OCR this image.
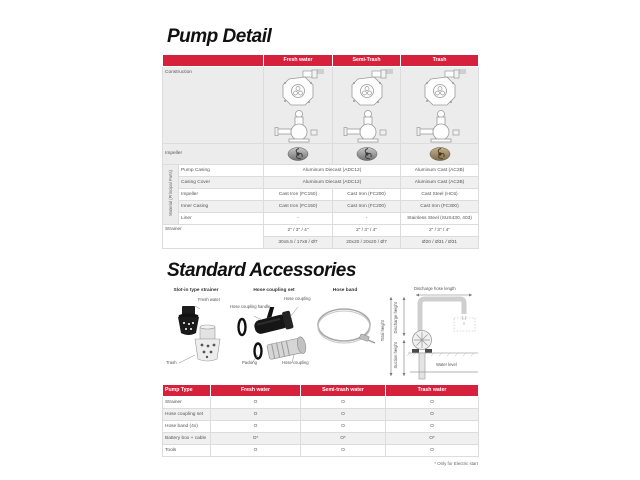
Pump Detail
		Fresh water	Semi-Trash	Trash
Construction	

Impeller	

Material (Principal Parts)	Pump Casing	Aluminum Diecast (ADC12)		Aluminum Cast (AC2B)
	Casing Cover	Aluminum Diecast (ADC12)		Aluminum Cast (AC2B)
	Impeller	Cast Iron (FC150)	Cast Iron (FC200)	Cast Steel (HC6)
	Inner Casing	Cast Iron (FC150)	Cast Iron (FC200)	Cast Iron (FC300)
	Liner	-	-	Stainless Steel (SUS430, 403)
Strainer		2" / 3" / 4"	2" / 3" / 4"	2" / 3" / 4"
		30x5.5 / 17x8 / Ø7	20x20 / 20x20 / Ø7	Ø20 / Ø31 / Ø31
Standard Accessories
Slot-in type strainer
Fresh water
Trash
Hose coupling set
Hose coupling handle
Hose coupling
Packing	Hose coupling
Hose band	Discharge hose length
Discharge height
Total height
Suction height	Water level
Pump Type	Fresh water	Semi-trash water	Trash water
Strainer	O	O	O
Hose coupling set	O	O	O
Hose band (4x)	O	O	O
Battery box + cable	O*	O*	O*
Tools	O	O	O
* Only for Electric start
